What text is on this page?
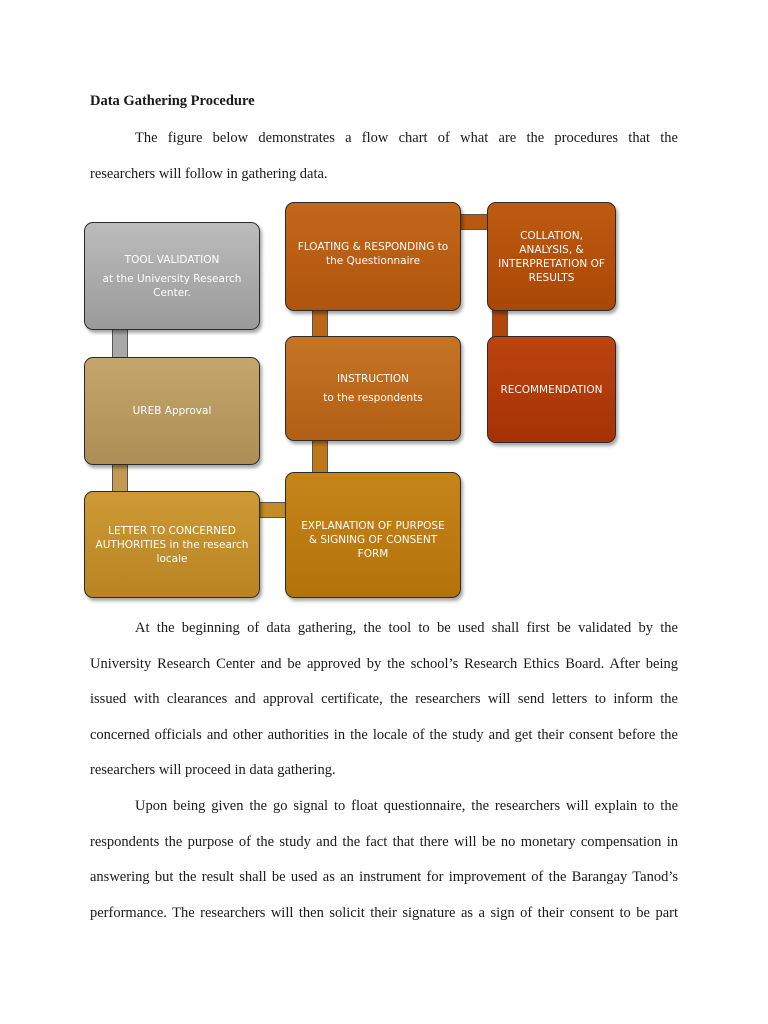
Data Gathering Procedure

The figure below demonstrates a flow chart of what are the procedures that the
researchers will follow in gathering data.

TOOL VALIDATION
at the University Research Center.
UREB Approval
LETTER TO CONCERNED AUTHORITIES in the research locale
EXPLANATION OF PURPOSE & SIGNING OF CONSENT FORM
INSTRUCTION
to the respondents
FLOATING & RESPONDING to the Questionnaire
COLLATION, ANALYSIS, & INTERPRETATION OF RESULTS
RECOMMENDATION

At the beginning of data gathering, the tool to be used shall first be validated by the
University Research Center and be approved by the school’s Research Ethics Board. After being
issued with clearances and approval certificate, the researchers will send letters to inform the
concerned officials and other authorities in the locale of the study and get their consent before the
researchers will proceed in data gathering.

Upon being given the go signal to float questionnaire, the researchers will explain to the
respondents the purpose of the study and the fact that there will be no monetary compensation in
answering but the result shall be used as an instrument for improvement of the Barangay Tanod’s
performance. The researchers will then solicit their signature as a sign of their consent to be part
